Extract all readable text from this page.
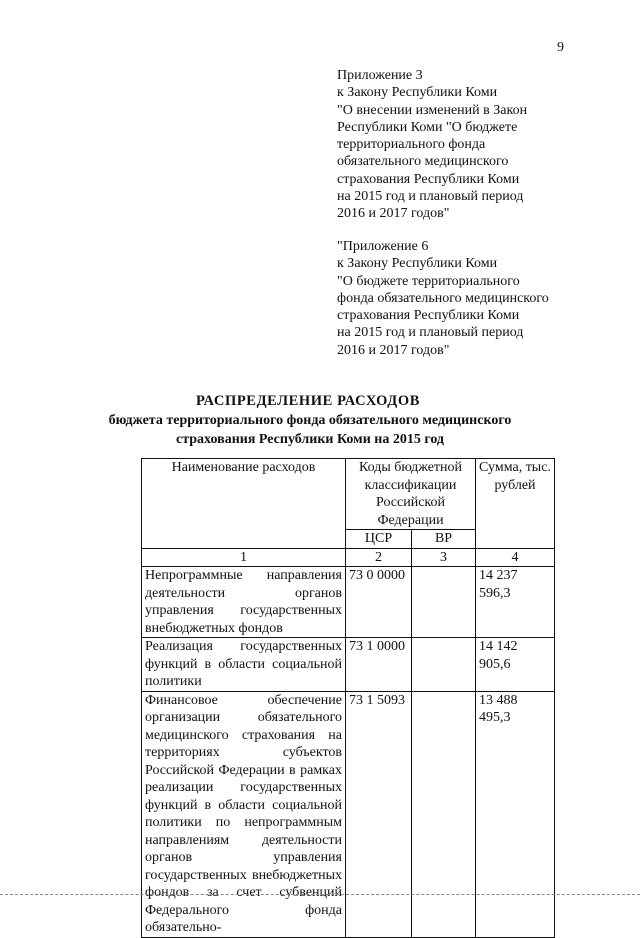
9
Приложение 3
к Закону Республики Коми
"О внесении изменений в Закон
Республики Коми "О бюджете
территориального фонда
обязательного медицинского
страхования Республики Коми
на 2015 год и плановый период
2016 и 2017 годов"
"Приложение 6
к Закону Республики Коми
"О бюджете территориального
фонда обязательного медицинского
страхования Республики Коми
на 2015 год и плановый период
2016 и 2017 годов"
РАСПРЕДЕЛЕНИЕ РАСХОДОВ
бюджета территориального фонда обязательного медицинского
страхования Республики Коми на 2015 год
Наименование расходов	Коды бюджетной классификации Российской Федерации		Сумма, тыс. рублей
	ЦСР	ВР	
1	2	3	4
Непрограммные направления деятельности органов управления государственных внебюджетных фондов	73 0 0000		14 237 596,3
Реализация государственных функций в области социальной политики	73 1 0000		14 142 905,6
Финансовое обеспечение организации обязательного медицинского страхования на территориях субъектов Российской Федерации в рамках реализации государственных функций в области социальной политики по непрограммным направлениям деятельности органов управления государственных внебюджетных фондов за счет субвенций Федерального фонда обязательно-	73 1 5093		13 488 495,3
